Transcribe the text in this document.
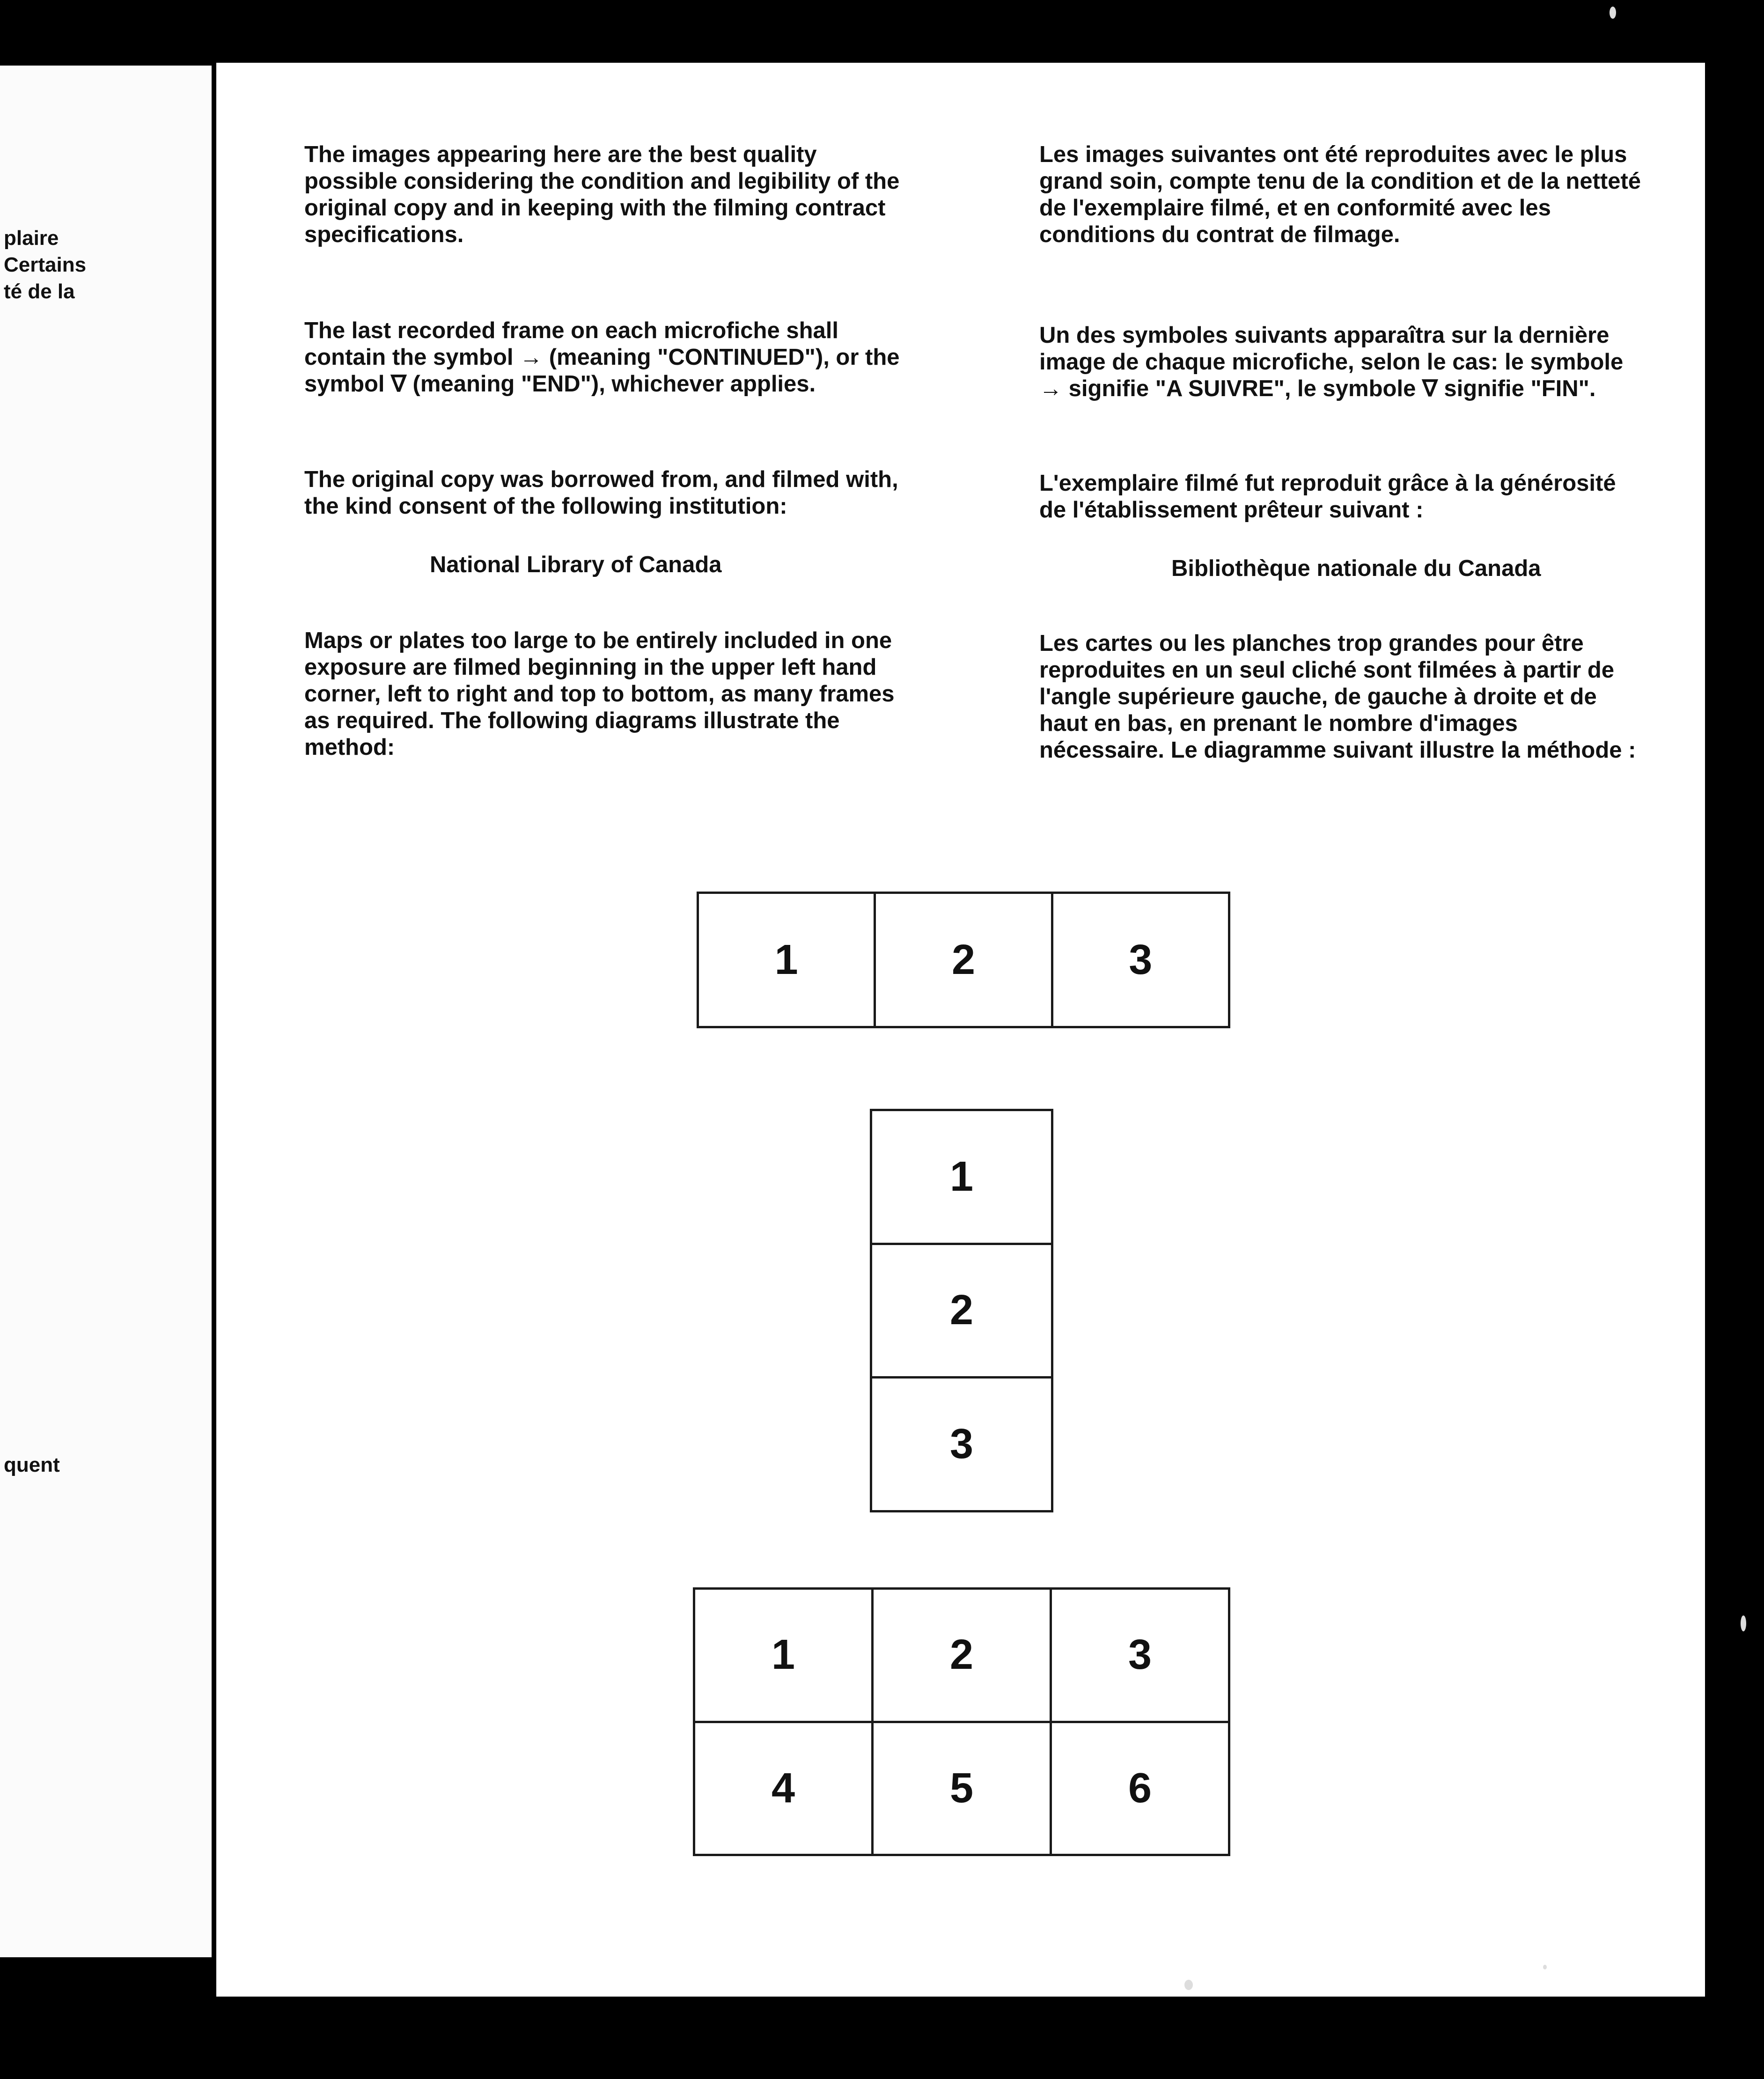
plaire
Certains
té de la
quent

The images appearing here are the best quality possible considering the condition and legibility of the original copy and in keeping with the filming contract specifications.

The last recorded frame on each microfiche shall contain the symbol → (meaning "CONTINUED"), or the symbol ∇ (meaning "END"), whichever applies.

The original copy was borrowed from, and filmed with, the kind consent of the following institution:

National Library of Canada

Maps or plates too large to be entirely included in one exposure are filmed beginning in the upper left hand corner, left to right and top to bottom, as many frames as required. The following diagrams illustrate the method:

Les images suivantes ont été reproduites avec le plus grand soin, compte tenu de la condition et de la netteté de l'exemplaire filmé, et en conformité avec les conditions du contrat de filmage.

Un des symboles suivants apparaîtra sur la dernière image de chaque microfiche, selon le cas: le symbole → signifie "A SUIVRE", le symbole ∇ signifie "FIN".

L'exemplaire filmé fut reproduit grâce à la générosité de l'établissement prêteur suivant :

Bibliothèque nationale du Canada

Les cartes ou les planches trop grandes pour être reproduites en un seul cliché sont filmées à partir de l'angle supérieure gauche, de gauche à droite et de haut en bas, en prenant le nombre d'images nécessaire. Le diagramme suivant illustre la méthode :

1	2	3
1
2
3
1	2	3
4	5	6
